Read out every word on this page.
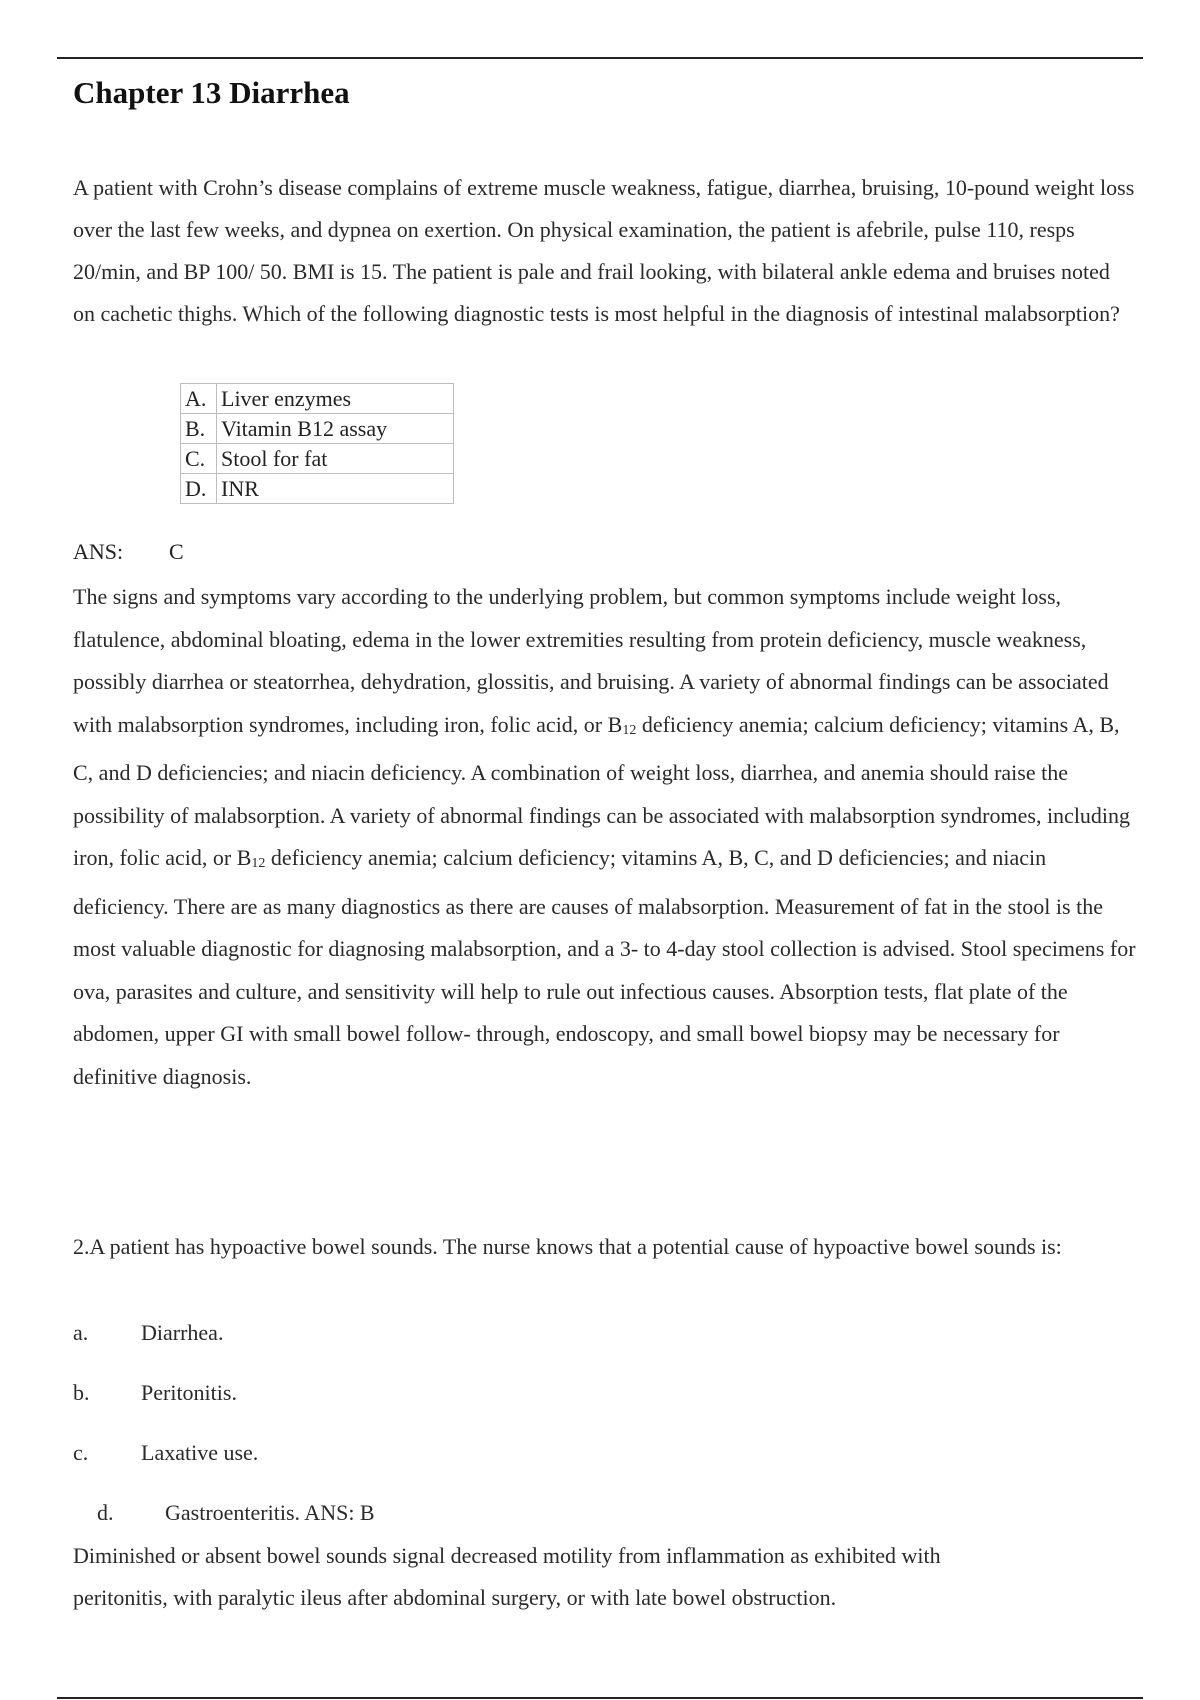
Chapter 13 Diarrhea

A patient with Crohn’s disease complains of extreme muscle weakness, fatigue, diarrhea, bruising, 10-pound weight loss over the last few weeks, and dypnea on exertion. On physical examination, the patient is afebrile, pulse 110, resps 20/min, and BP 100/ 50. BMI is 15. The patient is pale and frail looking, with bilateral ankle edema and bruises noted on cachetic thighs. Which of the following diagnostic tests is most helpful in the diagnosis of intestinal malabsorption?

A.	Liver enzymes
B.	Vitamin B12 assay
C.	Stool for fat
D.	INR
ANS: C

The signs and symptoms vary according to the underlying problem, but common symptoms include weight loss, flatulence, abdominal bloating, edema in the lower extremities resulting from protein deficiency, muscle weakness, possibly diarrhea or steatorrhea, dehydration, glossitis, and bruising. A variety of abnormal findings can be associated with malabsorption syndromes, including iron, folic acid, or $B_{12}$ deficiency anemia; calcium deficiency; vitamins A, B, C, and D deficiencies; and niacin deficiency. A combination of weight loss, diarrhea, and anemia should raise the possibility of malabsorption. A variety of abnormal findings can be associated with malabsorption syndromes, including iron, folic acid, or $B_{12}$ deficiency anemia; calcium deficiency; vitamins A, B, C, and D deficiencies; and niacin deficiency. There are as many diagnostics as there are causes of malabsorption. Measurement of fat in the stool is the most valuable diagnostic for diagnosing malabsorption, and a 3- to 4-day stool collection is advised. Stool specimens for ova, parasites and culture, and sensitivity will help to rule out infectious causes. Absorption tests, flat plate of the abdomen, upper GI with small bowel follow- through, endoscopy, and small bowel biopsy may be necessary for definitive diagnosis.

2.A patient has hypoactive bowel sounds. The nurse knows that a potential cause of hypoactive bowel sounds is:

a. Diarrhea.
b. Peritonitis.
c. Laxative use.
d. Gastroenteritis. ANS: B

Diminished or absent bowel sounds signal decreased motility from inflammation as exhibited with peritonitis, with paralytic ileus after abdominal surgery, or with late bowel obstruction.
